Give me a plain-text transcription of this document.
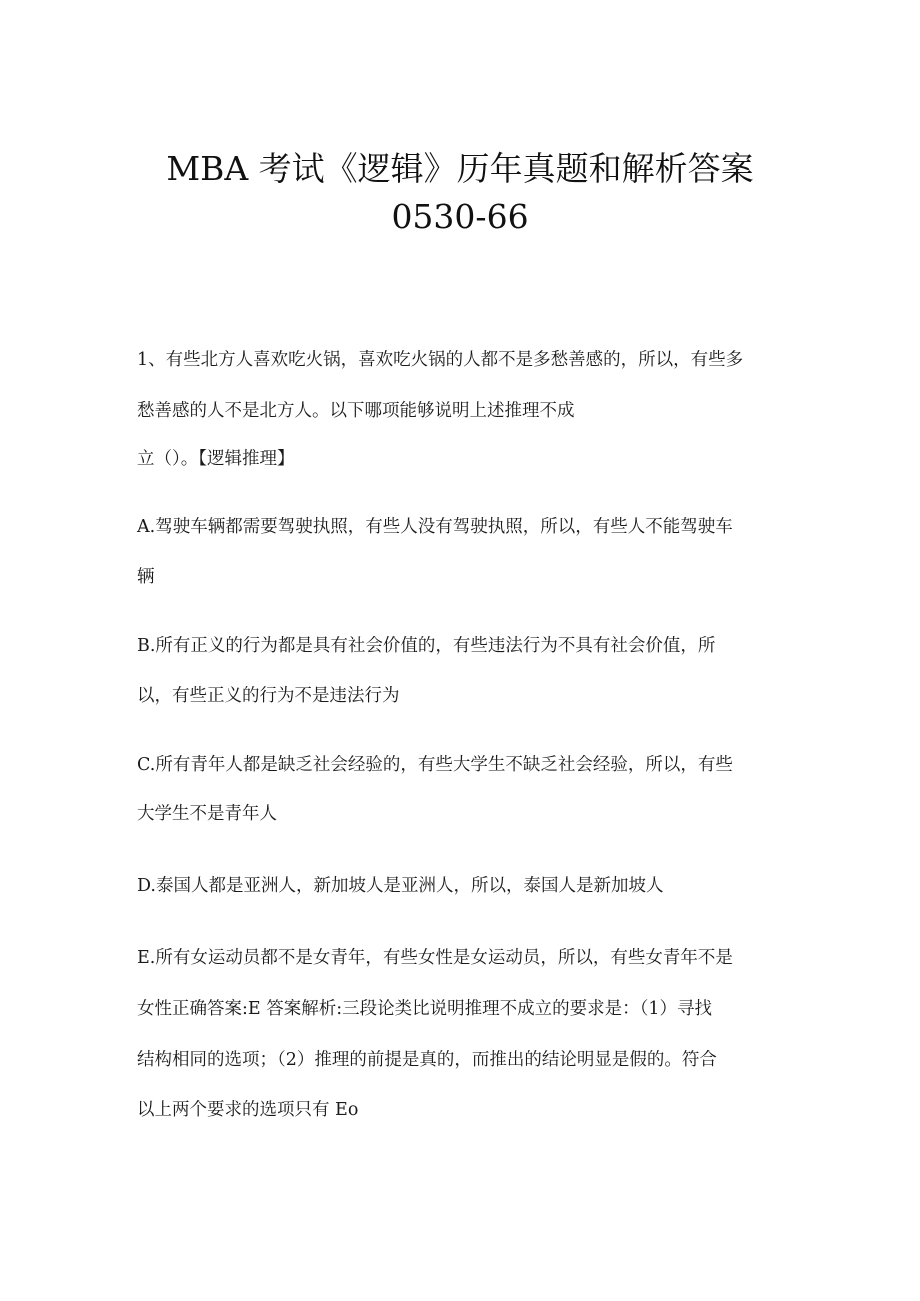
MBA 考试《逻辑》历年真题和解析答案
0530-66
1、有些北方人喜欢吃火锅，喜欢吃火锅的人都不是多愁善感的，所以，有些多
愁善感的人不是北方人。以下哪项能够说明上述推理不成
立（）。【逻辑推理】
A.驾驶车辆都需要驾驶执照，有些人没有驾驶执照，所以，有些人不能驾驶车
辆
B.所有正义的行为都是具有社会价值的，有些违法行为不具有社会价值，所
以，有些正义的行为不是违法行为
C.所有青年人都是缺乏社会经验的，有些大学生不缺乏社会经验，所以，有些
大学生不是青年人
D.泰国人都是亚洲人，新加坡人是亚洲人，所以，泰国人是新加坡人
E.所有女运动员都不是女青年，有些女性是女运动员，所以，有些女青年不是
女性正确答案:E 答案解析:三段论类比说明推理不成立的要求是：（1）寻找
结构相同的选项；（2）推理的前提是真的，而推出的结论明显是假的。符合
以上两个要求的选项只有 Eo
